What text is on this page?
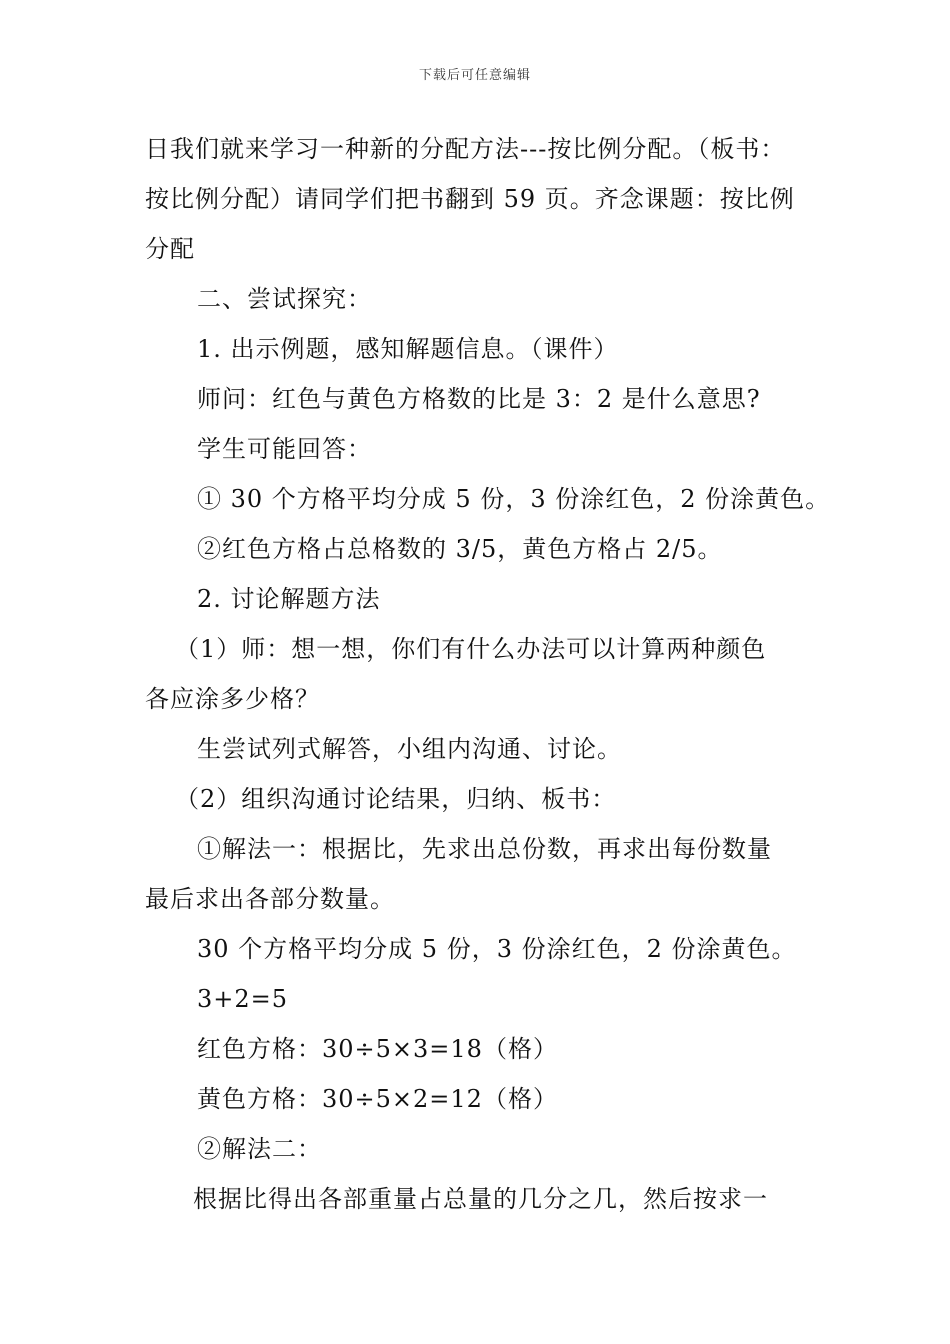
下载后可任意编辑
日我们就来学习一种新的分配方法---按比例分配。（板书：
按比例分配）请同学们把书翻到 59 页。齐念课题：按比例
分配
二、尝试探究：
1. 出示例题，感知解题信息。（课件）
师问：红色与黄色方格数的比是 3：2 是什么意思?
学生可能回答：
① 30 个方格平均分成 5 份，3 份涂红色，2 份涂黄色。
②红色方格占总格数的 3/5，黄色方格占 2/5。
2. 讨论解题方法
（1）师：想一想，你们有什么办法可以计算两种颜色
各应涂多少格？
生尝试列式解答，小组内沟通、讨论。
（2）组织沟通讨论结果，归纳、板书：
①解法一：根据比，先求出总份数，再求出每份数量
最后求出各部分数量。
30 个方格平均分成 5 份，3 份涂红色，2 份涂黄色。
3+2=5
红色方格：30÷5×3=18（格）
黄色方格：30÷5×2=12（格）
②解法二：
根据比得出各部重量占总量的几分之几，然后按求一
